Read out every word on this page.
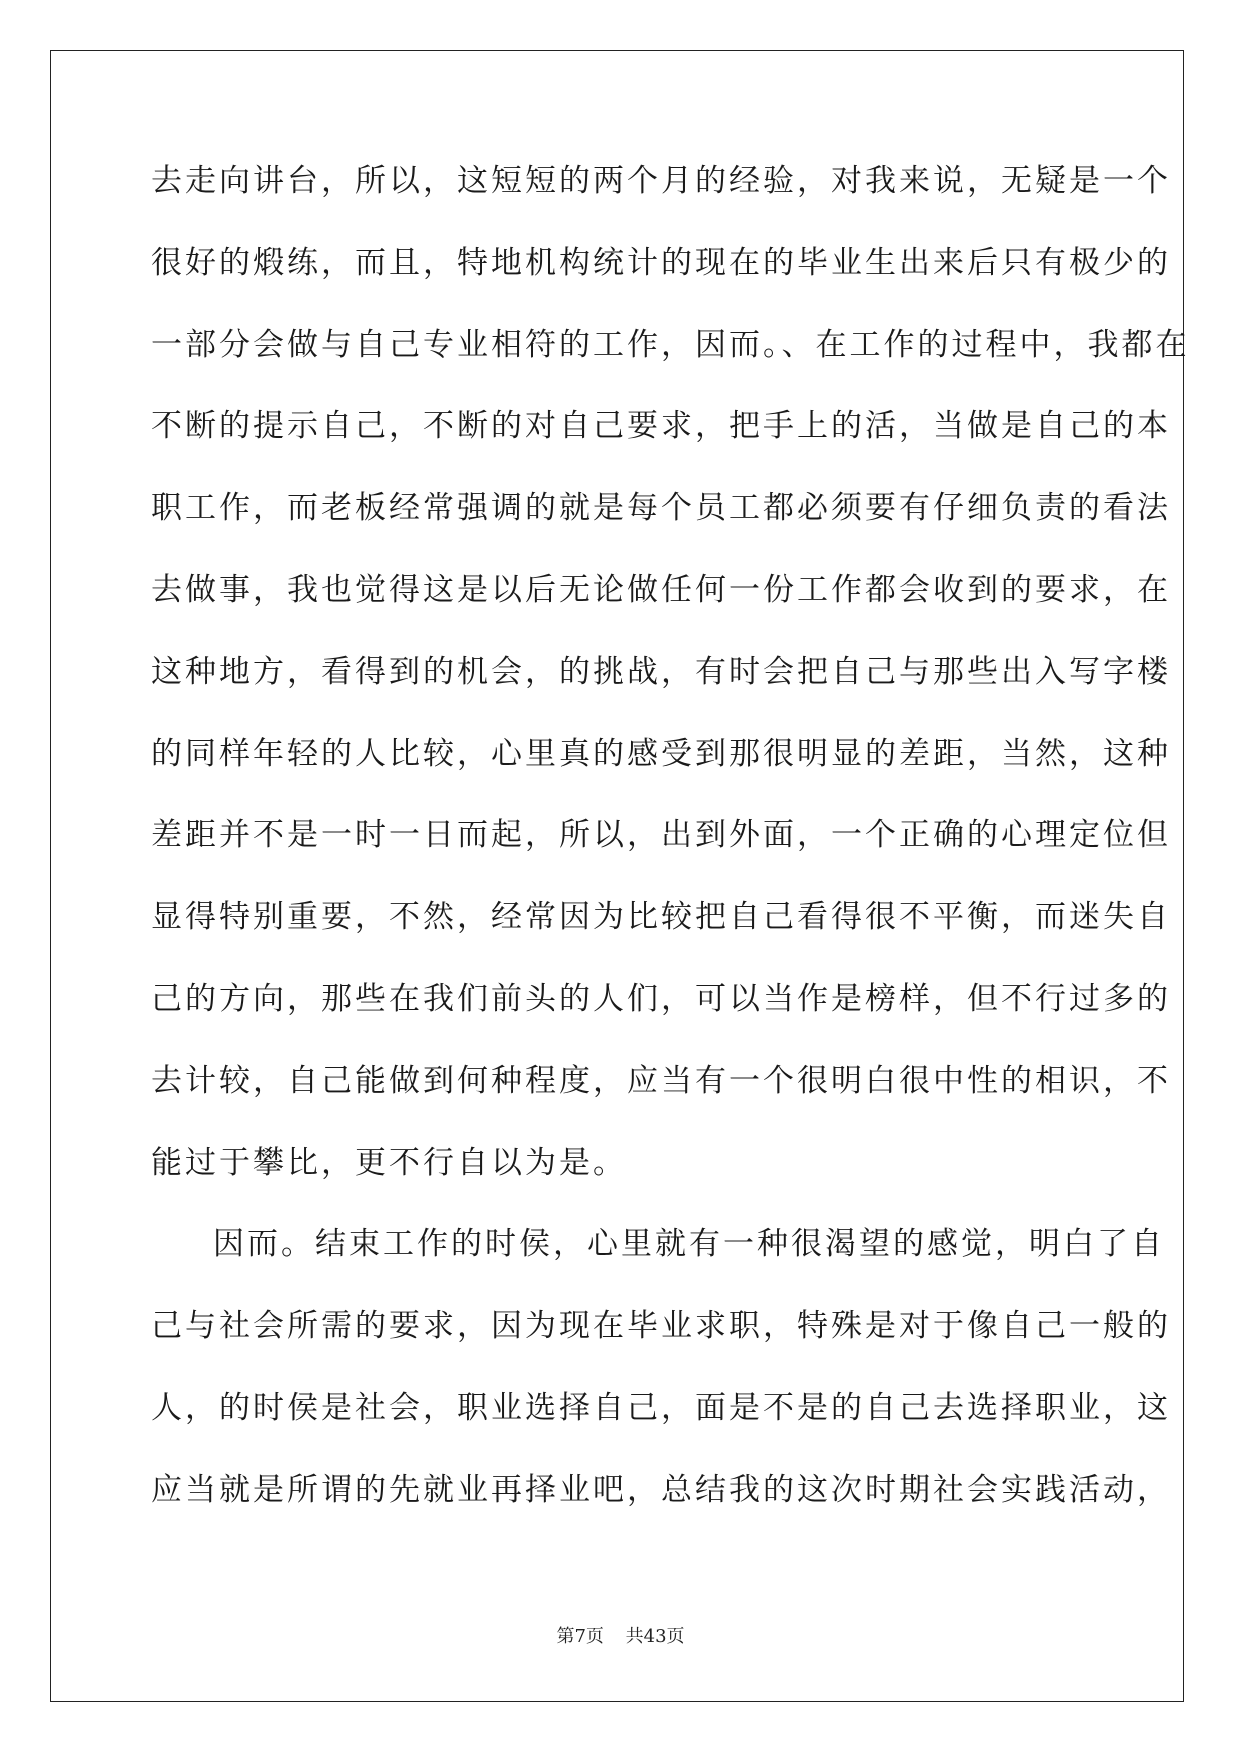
去走向讲台，所以，这短短的两个月的经验，对我来说，无疑是一个
很好的煅练，而且，特地机构统计的现在的毕业生出来后只有极少的
一部分会做与自己专业相符的工作，因而。、在工作的过程中，我都在
不断的提示自己，不断的对自己要求，把手上的活，当做是自己的本
职工作，而老板经常强调的就是每个员工都必须要有仔细负责的看法
去做事，我也觉得这是以后无论做任何一份工作都会收到的要求，在
这种地方，看得到的机会，的挑战，有时会把自己与那些出入写字楼
的同样年轻的人比较，心里真的感受到那很明显的差距，当然，这种
差距并不是一时一日而起，所以，出到外面，一个正确的心理定位但
显得特别重要，不然，经常因为比较把自己看得很不平衡，而迷失自
己的方向，那些在我们前头的人们，可以当作是榜样，但不行过多的
去计较，自己能做到何种程度，应当有一个很明白很中性的相识，不
能过于攀比，更不行自以为是。
因而。结束工作的时侯，心里就有一种很渴望的感觉，明白了自
己与社会所需的要求，因为现在毕业求职，特殊是对于像自己一般的
人，的时侯是社会，职业选择自己，面是不是的自己去选择职业，这
应当就是所谓的先就业再择业吧，总结我的这次时期社会实践活动，
第7页 共43页
